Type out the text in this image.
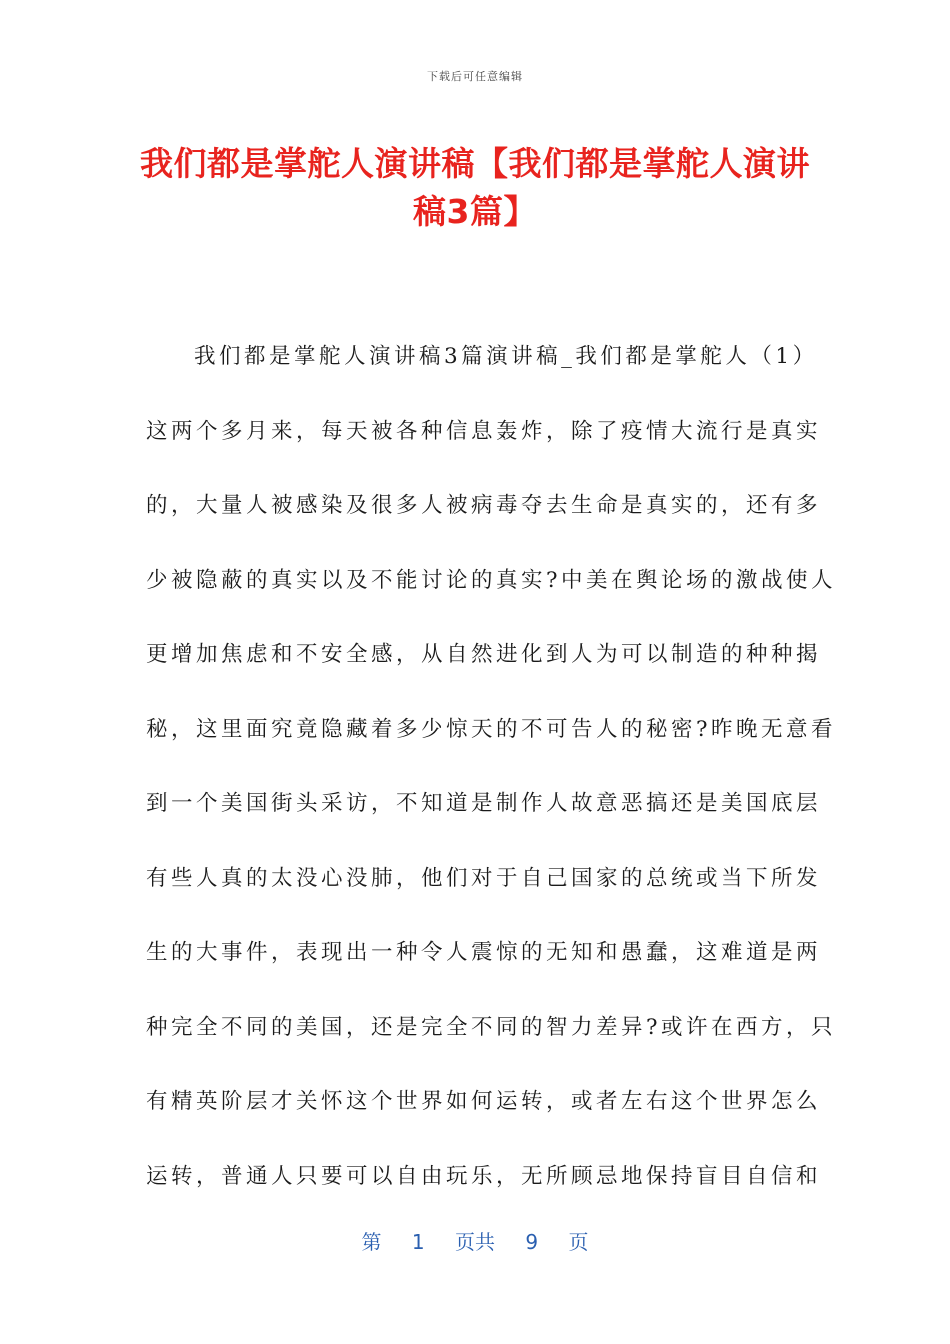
下载后可任意编辑
我们都是掌舵人演讲稿【我们都是掌舵人演讲稿3篇】
我们都是掌舵人演讲稿3篇演讲稿_我们都是掌舵人（1）
这两个多月来，每天被各种信息轰炸，除了疫情大流行是真实
的，大量人被感染及很多人被病毒夺去生命是真实的，还有多
少被隐蔽的真实以及不能讨论的真实?中美在舆论场的激战使人
更增加焦虑和不安全感，从自然进化到人为可以制造的种种揭
秘，这里面究竟隐藏着多少惊天的不可告人的秘密?昨晚无意看
到一个美国街头采访，不知道是制作人故意恶搞还是美国底层
有些人真的太没心没肺，他们对于自己国家的总统或当下所发
生的大事件，表现出一种令人震惊的无知和愚蠢，这难道是两
种完全不同的美国，还是完全不同的智力差异?或许在西方，只
有精英阶层才关怀这个世界如何运转，或者左右这个世界怎么
运转，普通人只要可以自由玩乐，无所顾忌地保持盲目自信和
第 1 页共 9 页
